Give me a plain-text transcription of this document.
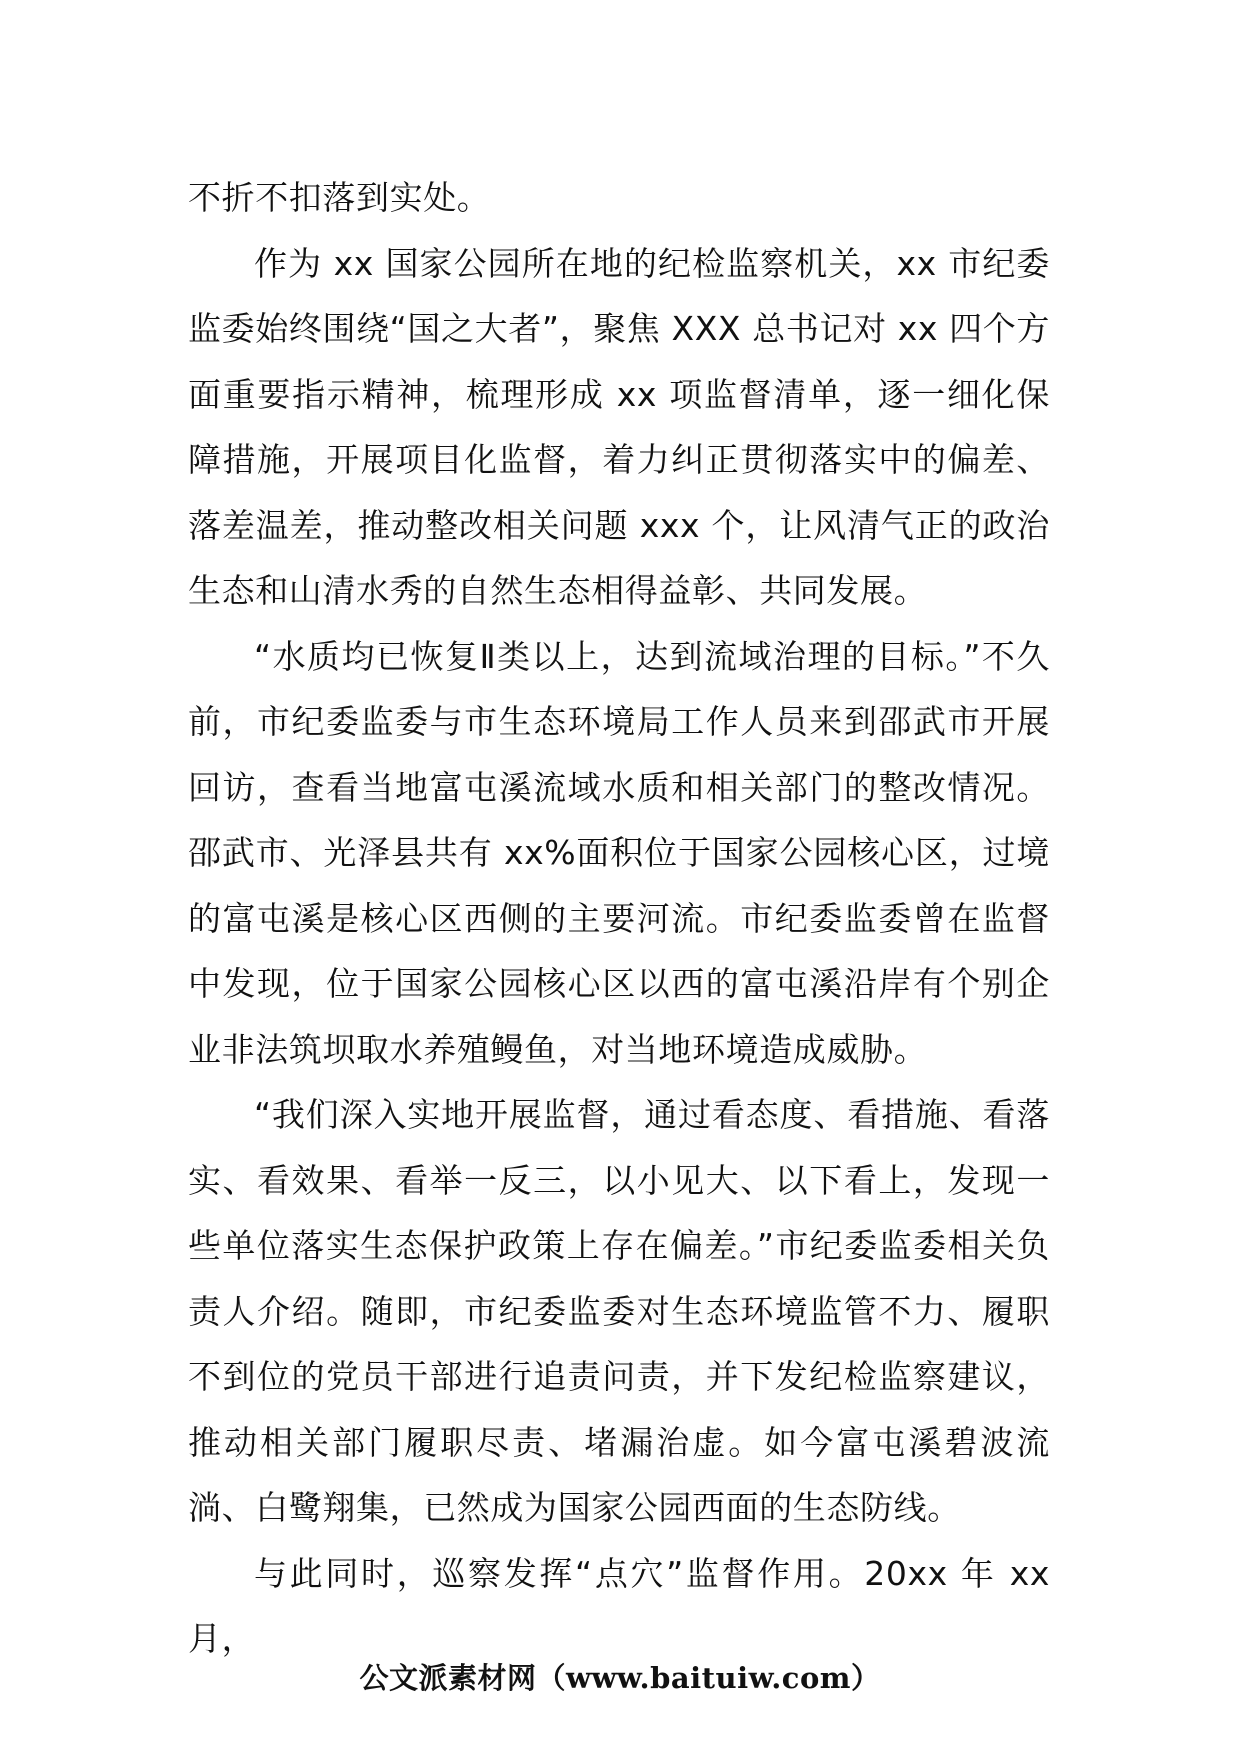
不折不扣落到实处。

作为 xx 国家公园所在地的纪检监察机关，xx 市纪委监委始终围绕“国之大者”，聚焦 XXX 总书记对 xx 四个方面重要指示精神，梳理形成 xx 项监督清单，逐一细化保障措施，开展项目化监督，着力纠正贯彻落实中的偏差、落差温差，推动整改相关问题 xxx 个，让风清气正的政治生态和山清水秀的自然生态相得益彰、共同发展。

“水质均已恢复Ⅱ类以上，达到流域治理的目标。”不久前，市纪委监委与市生态环境局工作人员来到邵武市开展回访，查看当地富屯溪流域水质和相关部门的整改情况。邵武市、光泽县共有 xx%面积位于国家公园核心区，过境的富屯溪是核心区西侧的主要河流。市纪委监委曾在监督中发现，位于国家公园核心区以西的富屯溪沿岸有个别企业非法筑坝取水养殖鳗鱼，对当地环境造成威胁。

“我们深入实地开展监督，通过看态度、看措施、看落实、看效果、看举一反三，以小见大、以下看上，发现一些单位落实生态保护政策上存在偏差。”市纪委监委相关负责人介绍。随即，市纪委监委对生态环境监管不力、履职不到位的党员干部进行追责问责，并下发纪检监察建议，推动相关部门履职尽责、堵漏治虚。如今富屯溪碧波流淌、白鹭翔集，已然成为国家公园西面的生态防线。

与此同时，巡察发挥“点穴”监督作用。20xx 年 xx 月，

公文派素材网（www.baituiw.com）
